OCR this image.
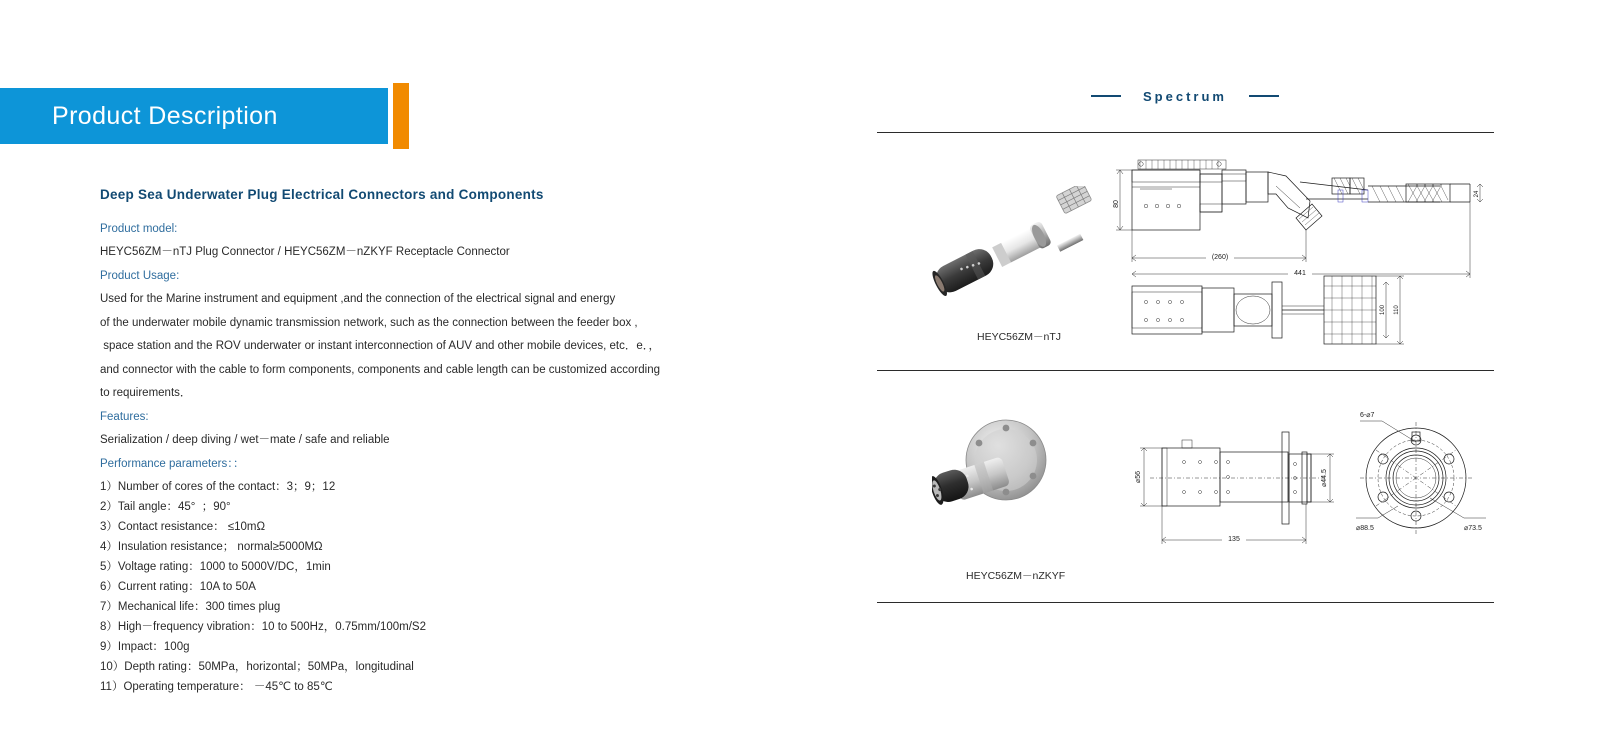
Product Description
Deep Sea Underwater Plug Electrical Connectors and Components
Product model:
HEYC56ZM－nTJ Plug Connector / HEYC56ZM－nZKYF Receptacle Connector
Product Usage:
Used for the Marine instrument and equipment ,and the connection of the electrical signal and energy
of the underwater mobile dynamic transmission network, such as the connection between the feeder box ,
space station and the ROV underwater or instant interconnection of AUV and other mobile devices, etc．e．，
and connector with the cable to form components, components and cable length can be customized according
to requirements．
Features:
Serialization / deep diving / wet－mate / safe and reliable
Performance parameters：：
1）Number of cores of the contact：3；9；12
2）Tail angle：45°  ；90°
3）Contact resistance： ≤10mΩ
4）Insulation resistance； normal≥5000MΩ
5）Voltage rating：1000 to 5000V/DC，1min
6）Current rating：10A to 50A
7）Mechanical life：300 times plug
8）High－frequency vibration：10 to 500Hz，0.75mm/100m/S2
9）Impact：100g
10）Depth rating：50MPa，horizontal；50MPa，longitudinal
11）Operating temperature： －45℃ to 85℃
Spectrum
80
24
(260)
441
100 110
HEYC56ZM－nTJ
⌀56	⌀44.5
135
6-⌀7
⌀88.5	⌀73.5
HEYC56ZM－nZKYF
